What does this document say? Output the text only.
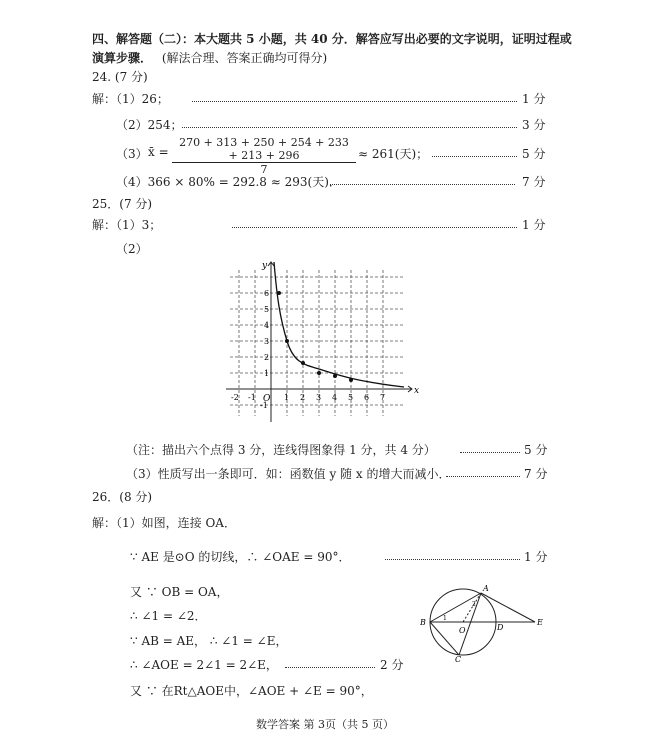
四、解答题（二）：本大题共 5 小题，共 40 分．解答应写出必要的文字说明，证明过程或
演算步骤． (解法合理、答案正确均可得分)
24. (7 分)
解：（1）26；	1 分
（2）254；	3 分
（3） x̄ = $\frac{270 + 313 + 250 + 254 + 233 + 213 + 296}{7} \approx 261$(天)；	5 分
（4）366 × 80% = 292.8 ≈ 293(天)．	7 分
25．(7 分)
解：（1）3；	1 分
（2）
x
y
O
-2 -1	1 2 3 4 5 6 7
-1
1
2
3
4
5
6
（注：描出六个点得 3 分，连线得图象得 1 分，共 4 分）	5 分
（3）性质写出一条即可．如：函数值 y 随 x 的增大而减小．	7 分
26．(8 分)
解：（1）如图，连接 OA．
∵ AE 是⊙O 的切线，∴ ∠OAE = 90°．	1 分
又 ∵ OB = OA，
∴ ∠1 = ∠2．
∵ AB = AE， ∴ ∠1 = ∠E，
∴ ∠AOE = 2∠1 = 2∠E，	2 分
又 ∵ 在Rt△AOE中，∠AOE + ∠E = 90°，
A
B
C
D
E
O
1
2
数学答案 第 3页（共 5 页）
